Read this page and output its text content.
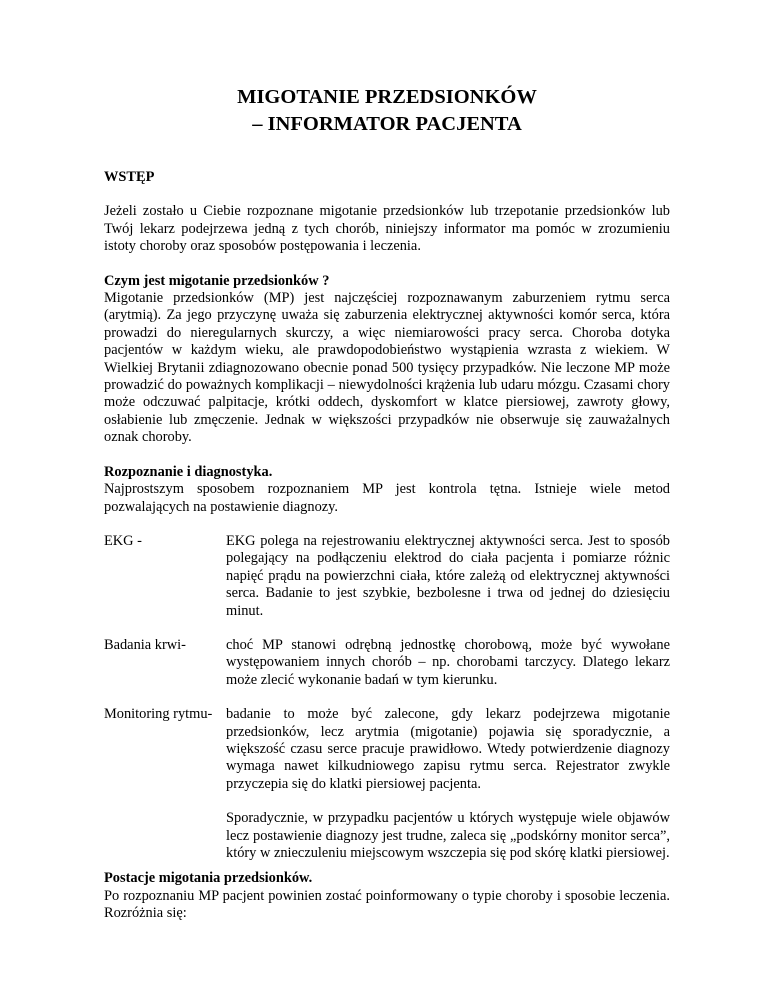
MIGOTANIE PRZEDSIONKÓW
– INFORMATOR PACJENTA

WSTĘP

Jeżeli zostało u Ciebie rozpoznane migotanie przedsionków lub trzepotanie przedsionków lub Twój lekarz podejrzewa jedną z tych chorób, niniejszy informator ma pomóc w zrozumieniu istoty choroby oraz sposobów postępowania i leczenia.

Czym jest migotanie przedsionków ?

Migotanie przedsionków (MP) jest najczęściej rozpoznawanym zaburzeniem rytmu serca (arytmią). Za jego przyczynę uważa się zaburzenia elektrycznej aktywności komór serca, która prowadzi do nieregularnych skurczy, a więc niemiarowości pracy serca. Choroba dotyka pacjentów w każdym wieku, ale prawdopodobieństwo wystąpienia wzrasta z wiekiem. W Wielkiej Brytanii zdiagnozowano obecnie ponad 500 tysięcy przypadków. Nie leczone MP może prowadzić do poważnych komplikacji – niewydolności krążenia lub udaru mózgu. Czasami chory może odczuwać palpitacje, krótki oddech, dyskomfort w klatce piersiowej, zawroty głowy, osłabienie lub zmęczenie. Jednak w większości przypadków nie obserwuje się zauważalnych oznak choroby.

Rozpoznanie i diagnostyka.

Najprostszym sposobem rozpoznaniem MP jest kontrola tętna. Istnieje wiele metod pozwalających na postawienie diagnozy.

EKG -	EKG polega na rejestrowaniu elektrycznej aktywności serca. Jest to sposób polegający na podłączeniu elektrod do ciała pacjenta i pomiarze różnic napięć prądu na powierzchni ciała, które zależą od elektrycznej aktywności serca. Badanie to jest szybkie, bezbolesne i trwa od jednej do dziesięciu minut.
Badania krwi-	choć MP stanowi odrębną jednostkę chorobową, może być wywołane występowaniem innych chorób – np. chorobami tarczycy. Dlatego lekarz może zlecić wykonanie badań w tym kierunku.
Monitoring rytmu- badanie to może być zalecone, gdy lekarz podejrzewa migotanie przedsionków, lecz arytmia (migotanie) pojawia się sporadycznie, a większość czasu serce pracuje prawidłowo. Wtedy potwierdzenie diagnozy wymaga nawet kilkudniowego zapisu rytmu serca. Rejestrator zwykle przyczepia się do klatki piersiowej pacjenta.
Sporadycznie, w przypadku pacjentów u których występuje wiele objawów lecz postawienie diagnozy jest trudne, zaleca się „podskórny monitor serca”, który w znieczuleniu miejscowym wszczepia się pod skórę klatki piersiowej.

Postacje migotania przedsionków.

Po rozpoznaniu MP pacjent powinien zostać poinformowany o typie choroby i sposobie leczenia. Rozróżnia się:
